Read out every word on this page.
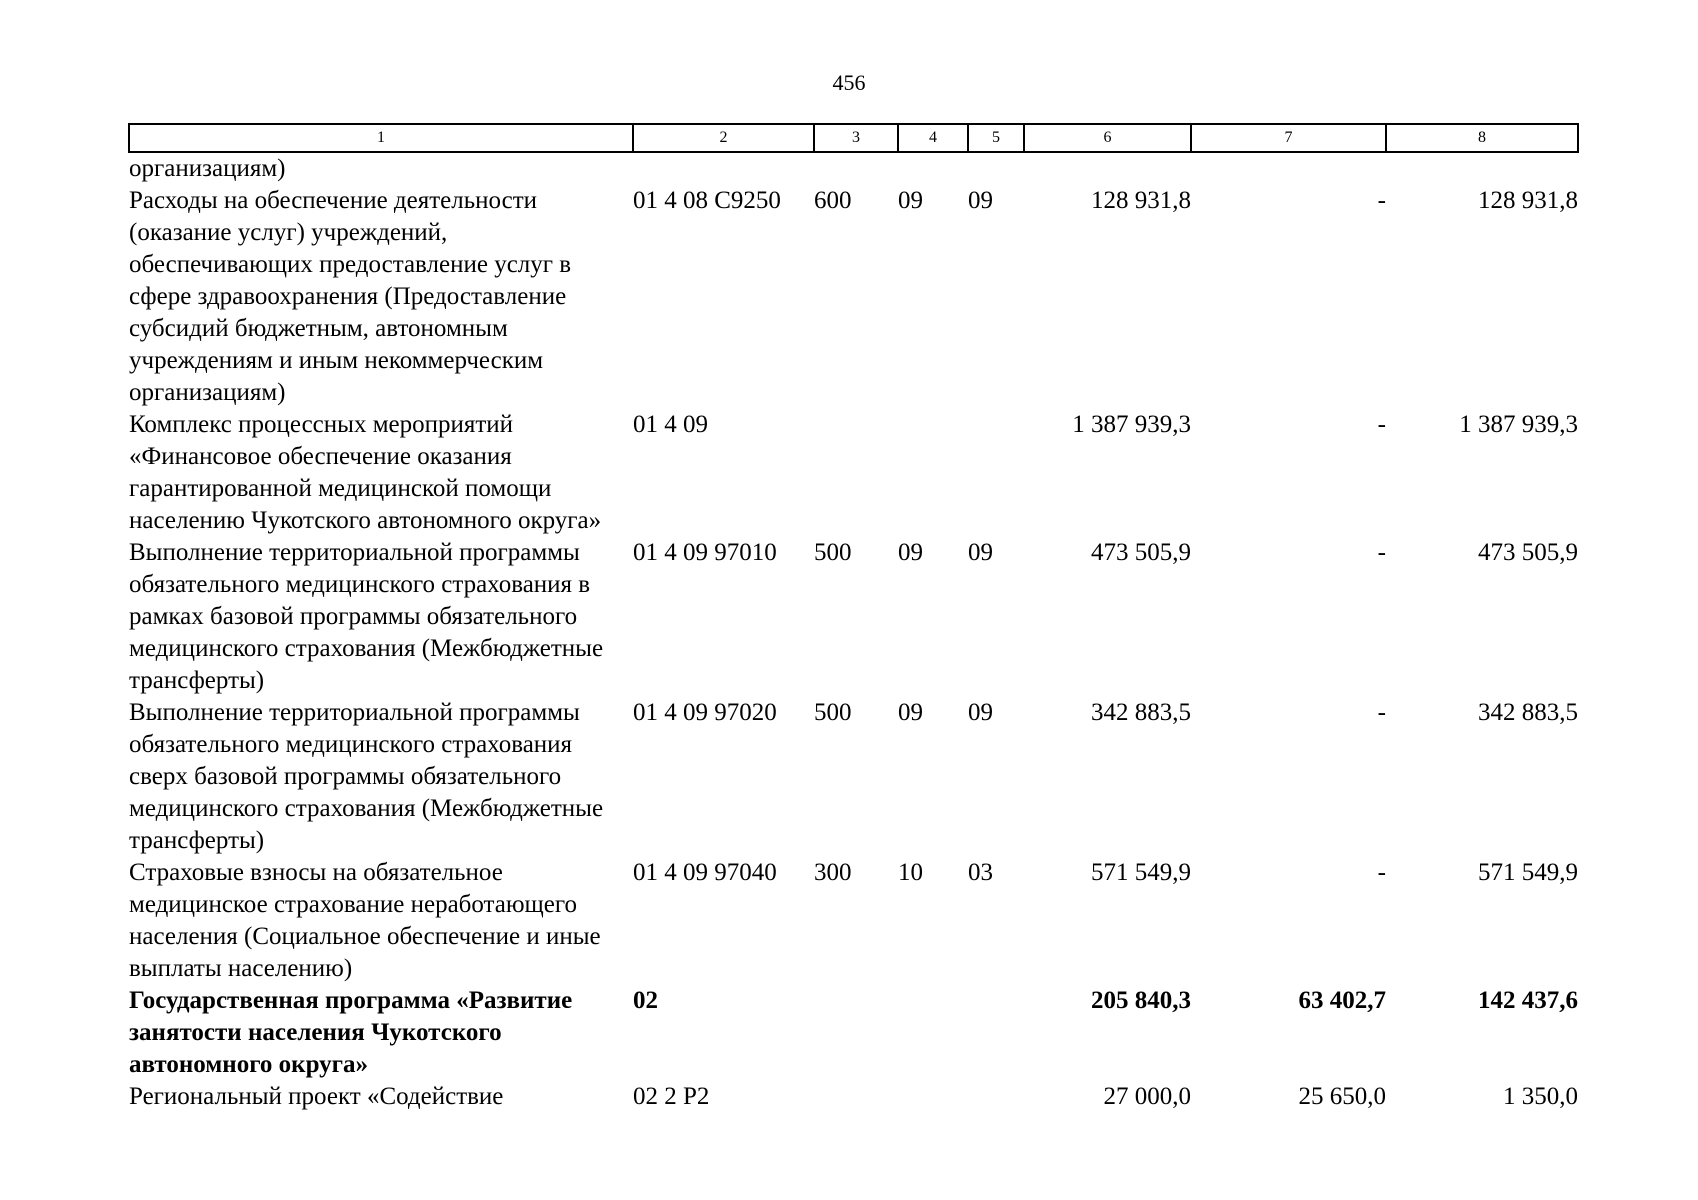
456
1	2	3	4	5	6	7	8
организациям)							
Расходы на обеспечение деятельности (оказание услуг) учреждений, обеспечивающих предоставление услуг в сфере здравоохранения (Предоставление субсидий бюджетным, автономным учреждениям и иным некоммерческим организациям)	01 4 08 С9250	600	09	09	128 931,8	-	128 931,8
Комплекс процессных мероприятий «Финансовое обеспечение оказания гарантированной медицинской помощи населению Чукотского автономного округа»	01 4 09				1 387 939,3	-	1 387 939,3
Выполнение территориальной программы обязательного медицинского страхования в рамках базовой программы обязательного медицинского страхования (Межбюджетные трансферты)	01 4 09 97010	500	09	09	473 505,9	-	473 505,9
Выполнение территориальной программы обязательного медицинского страхования сверх базовой программы обязательного медицинского страхования (Межбюджетные трансферты)	01 4 09 97020	500	09	09	342 883,5	-	342 883,5
Страховые взносы на обязательное медицинское страхование неработающего населения (Социальное обеспечение и иные выплаты населению)	01 4 09 97040	300	10	03	571 549,9	-	571 549,9
Государственная программа «Развитие занятости населения Чукотского автономного округа»	02				205 840,3	63 402,7	142 437,6
Региональный проект «Содействие	02 2 Р2				27 000,0	25 650,0	1 350,0
